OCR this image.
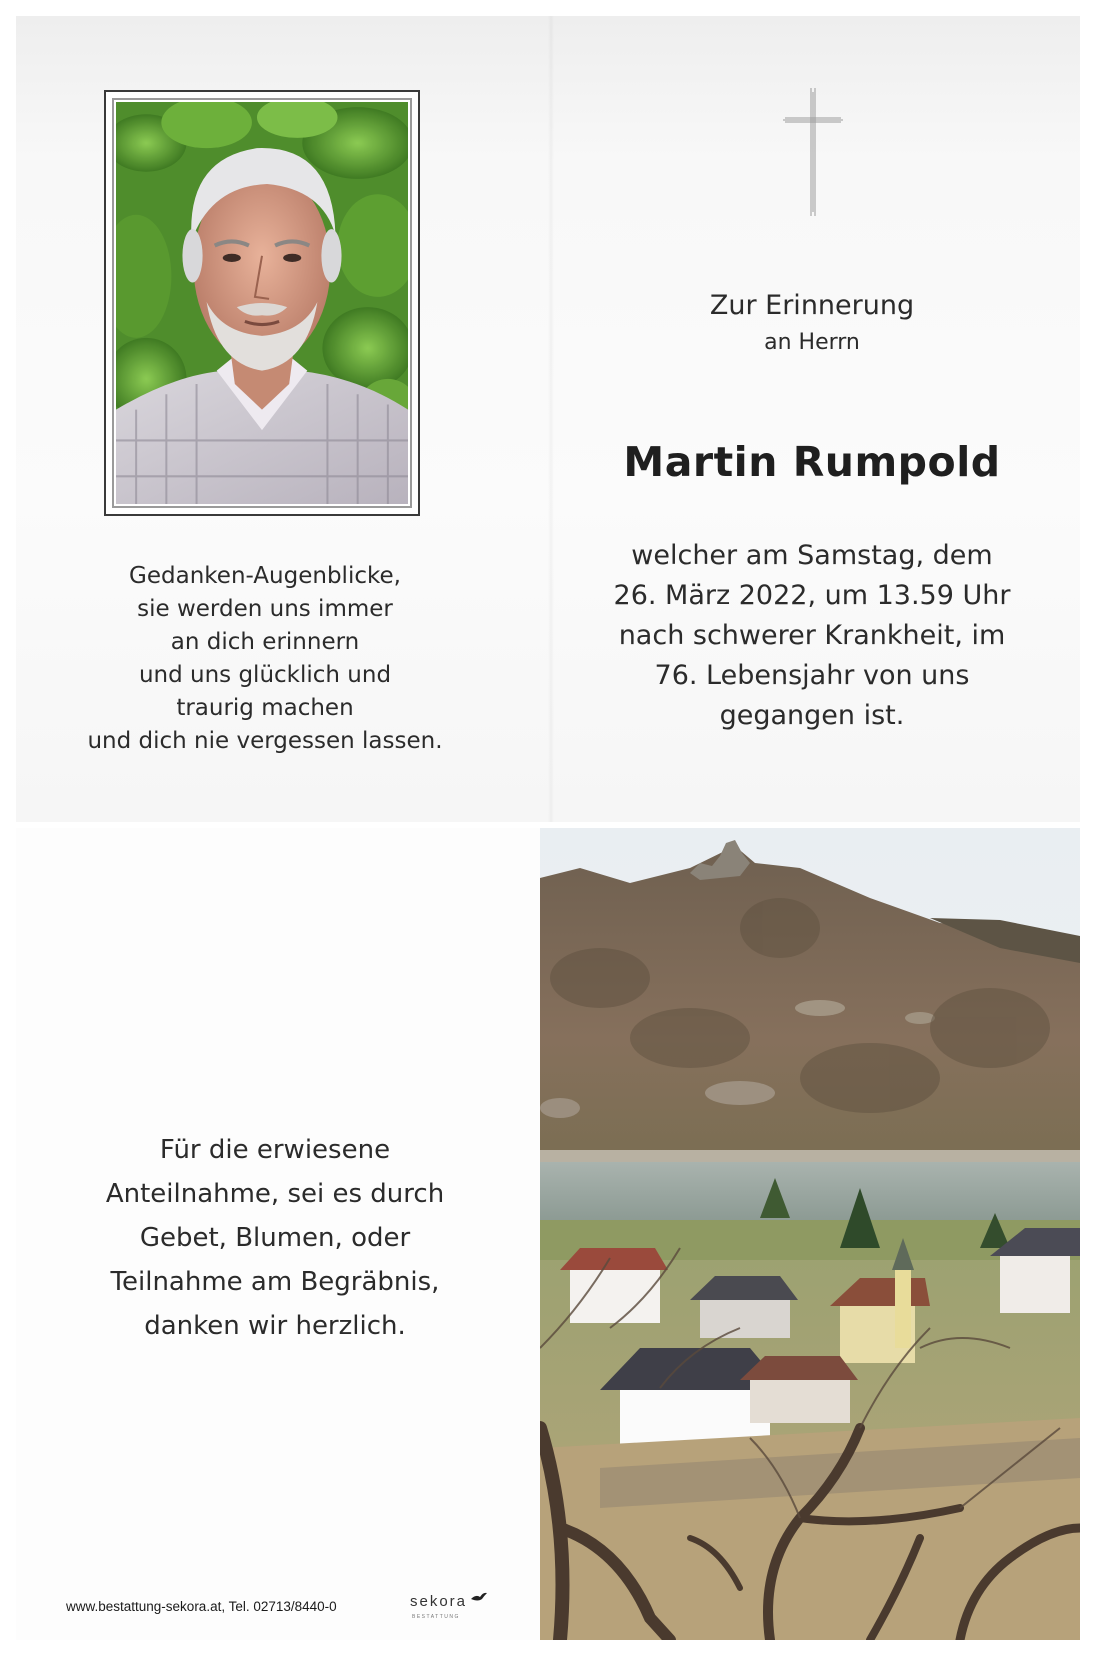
Gedanken-Augenblicke,
sie werden uns immer
an dich erinnern
und uns glücklich und
traurig machen
und dich nie vergessen lassen.
Zur Erinnerung
an Herrn
Martin Rumpold
welcher am Samstag, dem
26. März 2022, um 13.59 Uhr
nach schwerer Krankheit, im
76. Lebensjahr von uns
gegangen ist.
Für die erwiesene
Anteilnahme, sei es durch
Gebet, Blumen, oder
Teilnahme am Begräbnis,
danken wir herzlich.
www.bestattung-sekora.at, Tel. 02713/8440-0	sekora
BESTATTUNG
